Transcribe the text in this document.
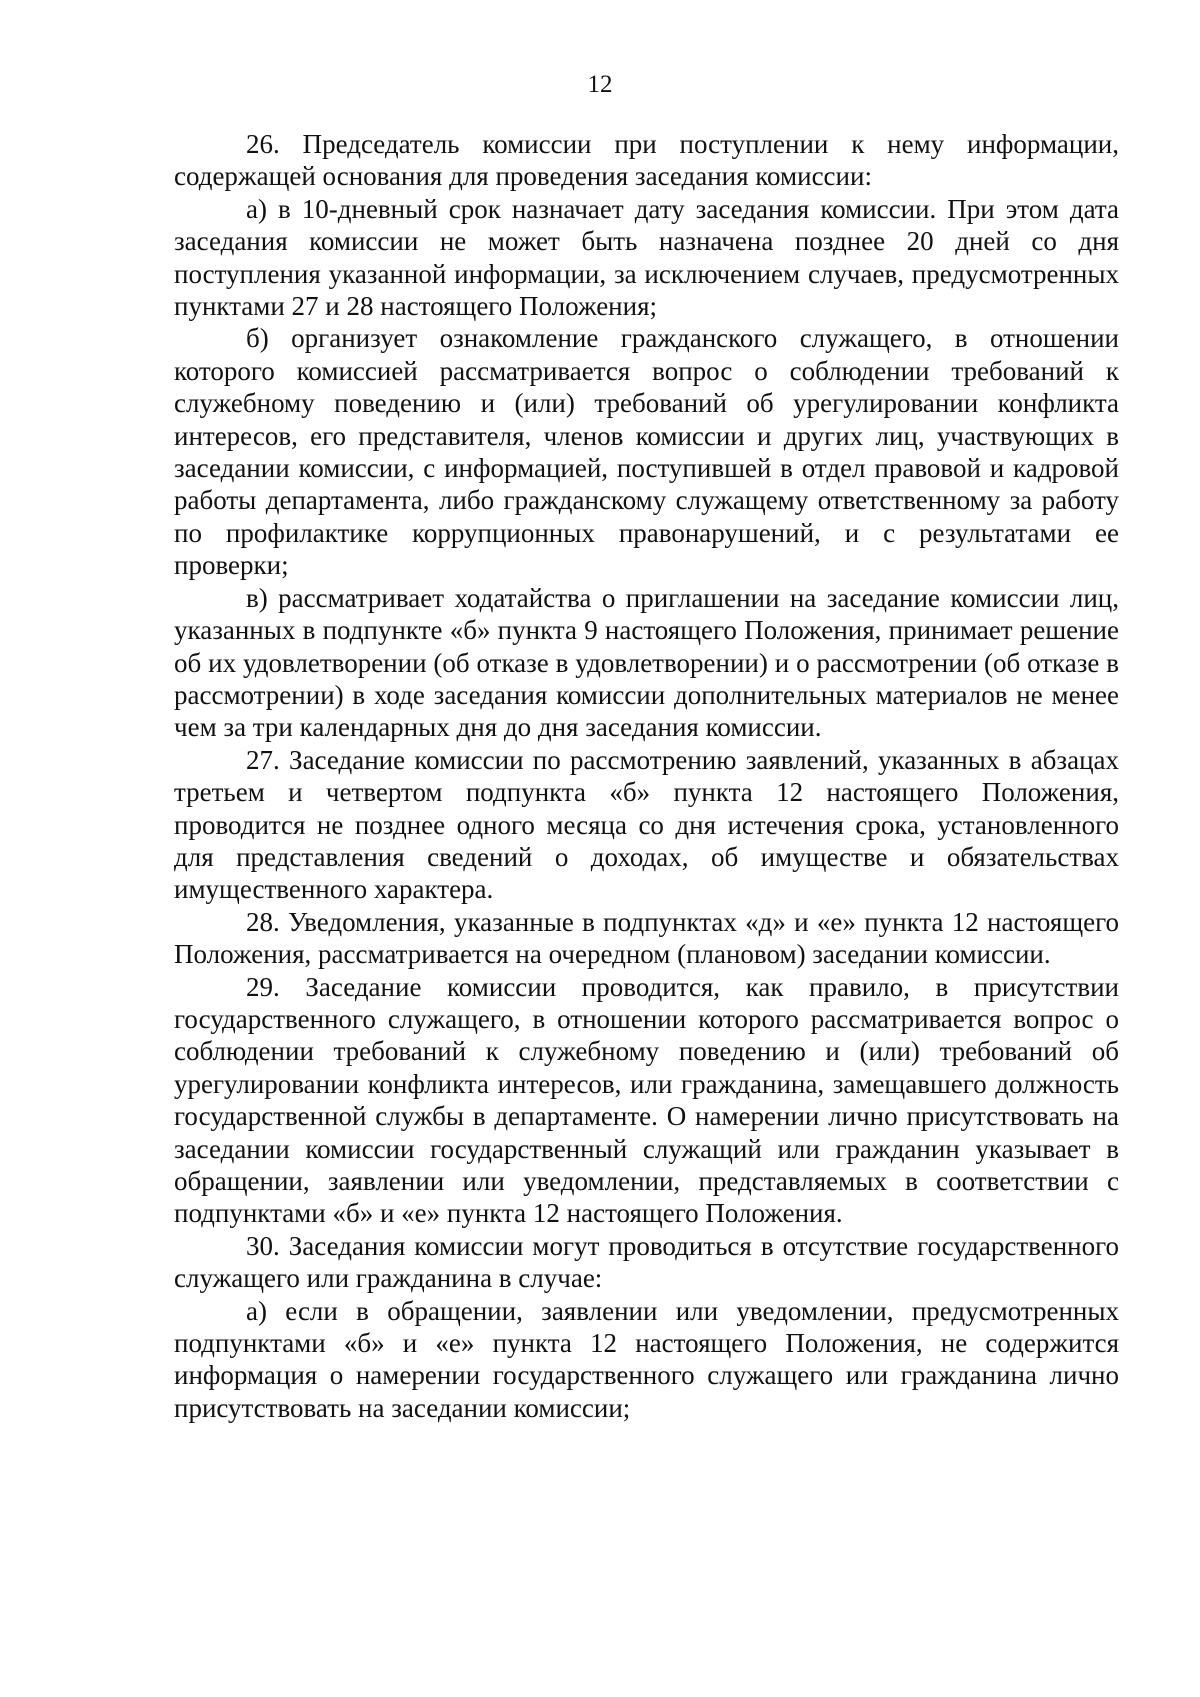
12

26. Председатель комиссии при поступлении к нему информации, содержащей основания для проведения заседания комиссии:

а) в 10-дневный срок назначает дату заседания комиссии. При этом дата заседания комиссии не может быть назначена позднее 20 дней со дня поступления указанной информации, за исключением случаев, предусмотренных пунктами 27 и 28 настоящего Положения;

б) организует ознакомление гражданского служащего, в отношении которого комиссией рассматривается вопрос о соблюдении требований к служебному поведению и (или) требований об урегулировании конфликта интересов, его представителя, членов комиссии и других лиц, участвующих в заседании комиссии, с информацией, поступившей в отдел правовой и кадровой работы департамента, либо гражданскому служащему ответственному за работу по профилактике коррупционных правонарушений, и с результатами ее проверки;

в) рассматривает ходатайства о приглашении на заседание комиссии лиц, указанных в подпункте «б» пункта 9 настоящего Положения, принимает решение об их удовлетворении (об отказе в удовлетворении) и о рассмотрении (об отказе в рассмотрении) в ходе заседания комиссии дополнительных материалов не менее чем за три календарных дня до дня заседания комиссии.

27. Заседание комиссии по рассмотрению заявлений, указанных в абзацах третьем и четвертом подпункта «б» пункта 12 настоящего Положения, проводится не позднее одного месяца со дня истечения срока, установленного для представления сведений о доходах, об имуществе и обязательствах имущественного характера.

28. Уведомления, указанные в подпунктах «д» и «е» пункта 12 настоящего Положения, рассматривается на очередном (плановом) заседании комиссии.

29. Заседание комиссии проводится, как правило, в присутствии государственного служащего, в отношении которого рассматривается вопрос о соблюдении требований к служебному поведению и (или) требований об урегулировании конфликта интересов, или гражданина, замещавшего должность государственной службы в департаменте. О намерении лично присутствовать на заседании комиссии государственный служащий или гражданин указывает в обращении, заявлении или уведомлении, представляемых в соответствии с подпунктами «б» и «е» пункта 12 настоящего Положения.

30. Заседания комиссии могут проводиться в отсутствие государственного служащего или гражданина в случае:

а) если в обращении, заявлении или уведомлении, предусмотренных подпунктами «б» и «е» пункта 12 настоящего Положения, не содержится информация о намерении государственного служащего или гражданина лично присутствовать на заседании комиссии;
